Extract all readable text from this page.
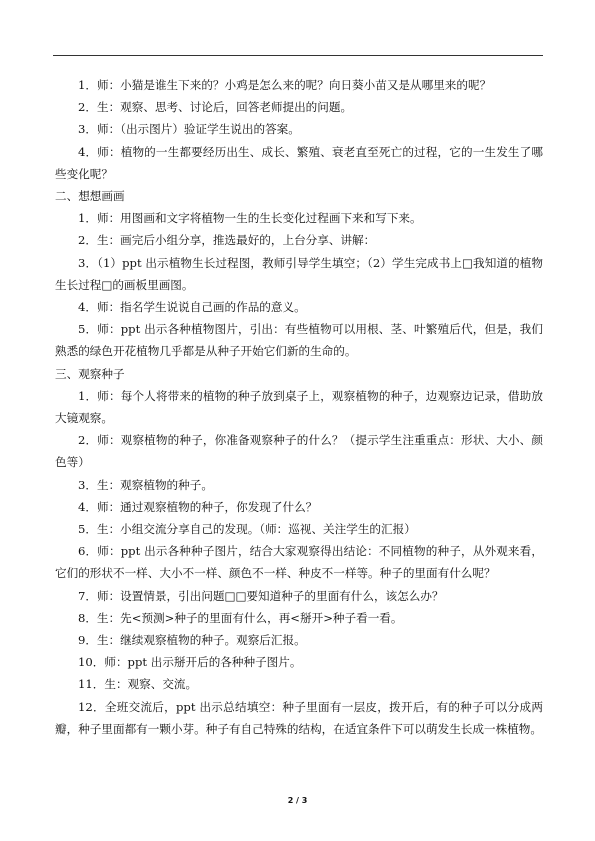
1．师：小猫是谁生下来的？小鸡是怎么来的呢？向日葵小苗又是从哪里来的呢？

2．生：观察、思考、讨论后，回答老师提出的问题。

3．师：（出示图片）验证学生说出的答案。

4．师：植物的一生都要经历出生、成长、繁殖、衰老直至死亡的过程，它的一生发生了哪些变化呢？

二、想想画画

1．师：用图画和文字将植物一生的生长变化过程画下来和写下来。

2．生：画完后小组分享，推选最好的，上台分享、讲解：

3．（1）ppt 出示植物生长过程图，教师引导学生填空；（2）学生完成书上□我知道的植物生长过程□的画板里画图。

4．师：指名学生说说自己画的作品的意义。

5．师：ppt 出示各种植物图片，引出：有些植物可以用根、茎、叶繁殖后代，但是，我们熟悉的绿色开花植物几乎都是从种子开始它们新的生命的。

三、观察种子

1．师：每个人将带来的植物的种子放到桌子上，观察植物的种子，边观察边记录，借助放大镜观察。

2．师：观察植物的种子，你准备观察种子的什么？（提示学生注重重点：形状、大小、颜色等）

3．生：观察植物的种子。

4．师：通过观察植物的种子，你发现了什么？

5．生：小组交流分享自己的发现。（师：巡视、关注学生的汇报）

6．师：ppt 出示各种种子图片，结合大家观察得出结论：不同植物的种子，从外观来看，它们的形状不一样、大小不一样、颜色不一样、种皮不一样等。种子的里面有什么呢？

7．师：设置情景，引出问题□□要知道种子的里面有什么，该怎么办？

8．生：先<预测>种子的里面有什么，再<掰开>种子看一看。

9．生：继续观察植物的种子。观察后汇报。

10．师：ppt 出示掰开后的各种种子图片。

11．生：观察、交流。

12．全班交流后，ppt 出示总结填空：种子里面有一层皮，拨开后，有的种子可以分成两瓣，种子里面都有一颗小芽。种子有自己特殊的结构，在适宜条件下可以萌发生长成一株植物。

2 / 3
